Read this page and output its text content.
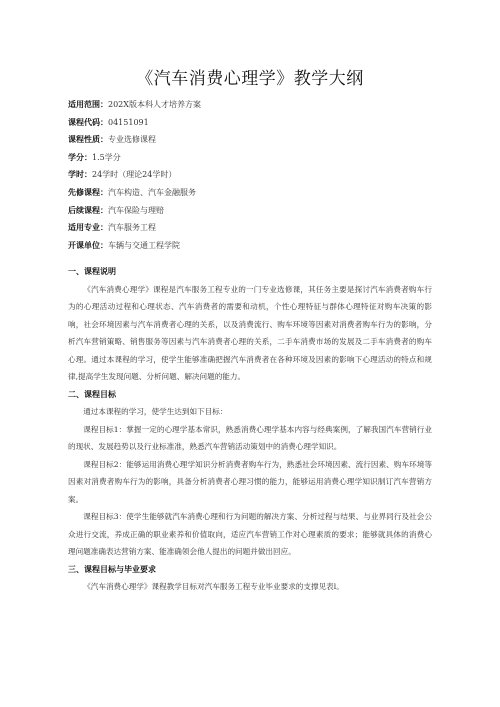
《汽车消费心理学》教学大纲
适用范围：202X版本科人才培养方案
课程代码：04151091
课程性质：专业选修课程
学分：1.5学分
学时：24学时（理论24学时）
先修课程：汽车构造、汽车金融服务
后续课程：汽车保险与理赔
适用专业：汽车服务工程
开课单位：车辆与交通工程学院
一、课程说明

《汽车消费心理学》课程是汽车服务工程专业的一门专业选修课，其任务主要是探讨汽车消费者购车行为的心理活动过程和心理状态、汽车消费者的需要和动机，个性心理特征与群体心理特征对购车决策的影响，社会环境因素与汽车消费者心理的关系，以及消费流行、购车环境等因素对消费者购车行为的影响，分析汽车营销策略、销售服务等因素与汽车消费者心理的关系，二手车消费市场的发展及二手车消费者的购车心理。通过本课程的学习，使学生能够准确把握汽车消费者在各种环境及因素的影响下心理活动的特点和规律,提高学生发现问题、分析问题、解决问题的能力。

二、课程目标

通过本课程的学习，使学生达到如下目标：

课程目标1：掌握一定的心理学基本常识，熟悉消费心理学基本内容与经典案例，了解我国汽车营销行业的现状、发展趋势以及行业标准准，熟悉汽车营销活动策划中的消费心理学知识。

课程目标2：能够运用消费心理学知识分析消费者购车行为，熟悉社会环境因素、流行因素、购车环境等因素对消费者购车行为的影响，具备分析消费者心理习惯的能力，能够运用消费心理学知识制订汽车营销方案。

课程目标3：使学生能够就汽车消费心理和行为问题的解决方案、分析过程与结果、与业界同行及社会公众进行交流，养成正确的职业素养和价值取向，适应汽车营销工作对心理素质的要求；能够就具体的消费心理问题准确表达营销方案、能准确领会他人提出的问题并做出回应。

三、课程目标与毕业要求

《汽车消费心理学》课程教学目标对汽车服务工程专业毕业要求的支撑见表l。
